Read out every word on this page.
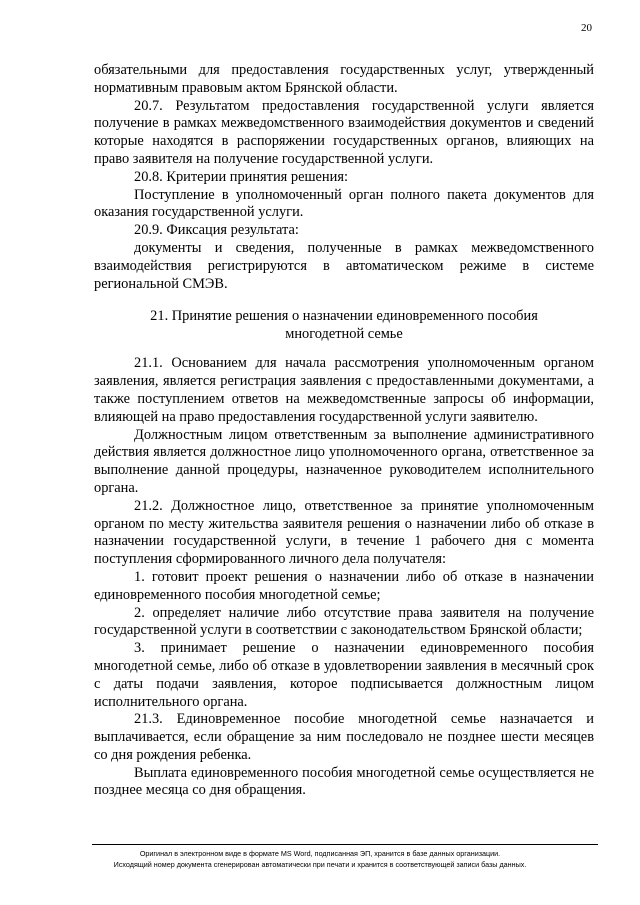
20

обязательными для предоставления государственных услуг, утвержденный нормативным правовым актом Брянской области.

20.7. Результатом предоставления государственной услуги является получение в рамках межведомственного взаимодействия документов и сведений которые находятся в распоряжении государственных органов, влияющих на право заявителя на получение государственной услуги.

20.8. Критерии принятия решения:

Поступление в уполномоченный орган полного пакета документов для оказания государственной услуги.

20.9. Фиксация результата:

документы и сведения, полученные в рамках межведомственного взаимодействия регистрируются в автоматическом режиме в системе региональной СМЭВ.

21. Принятие решения о назначении единовременного пособия многодетной семье

21.1. Основанием для начала рассмотрения уполномоченным органом заявления, является регистрация заявления с предоставленными документами, а также поступлением ответов на межведомственные запросы об информации, влияющей на право предоставления государственной услуги заявителю.

Должностным лицом ответственным за выполнение административного действия является должностное лицо уполномоченного органа, ответственное за выполнение данной процедуры, назначенное руководителем исполнительного органа.

21.2. Должностное лицо, ответственное за принятие уполномоченным органом по месту жительства заявителя решения о назначении либо об отказе в назначении государственной услуги, в течение 1 рабочего дня с момента поступления сформированного личного дела получателя:

1. готовит проект решения о назначении либо об отказе в назначении единовременного пособия многодетной семье;

2. определяет наличие либо отсутствие права заявителя на получение государственной услуги в соответствии с законодательством Брянской области;

3. принимает решение о назначении единовременного пособия многодетной семье, либо об отказе в удовлетворении заявления в месячный срок с даты подачи заявления, которое подписывается должностным лицом исполнительного органа.

21.3. Единовременное пособие многодетной семье назначается и выплачивается, если обращение за ним последовало не позднее шести месяцев со дня рождения ребенка.

Выплата единовременного пособия многодетной семье осуществляется не позднее месяца со дня обращения.

Оригинал в электронном виде в формате MS Word, подписанная ЭП, хранится в базе данных организации.
Исходящий номер документа сгенерирован автоматически при печати и хранится в соответствующей записи базы данных.
